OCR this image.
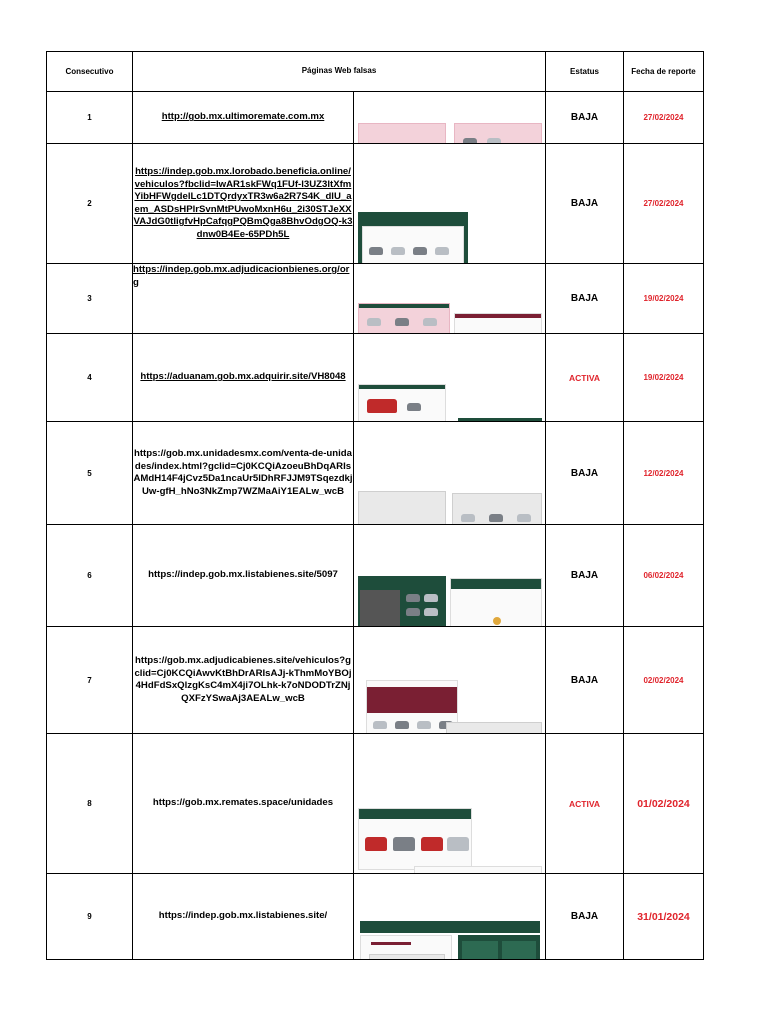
Consecutivo	Páginas Web falsas		Estatus	Fecha de reporte
1	http://gob.mx.ultimoremate.com.mx		BAJA	27/02/2024
2	https://indep.gob.mx.lorobado.beneficia.online/vehiculos?fbclid=IwAR1skFWq1FUf-l3UZ3ltXfmYibHFWgdelLc1DTQrdyxTR3w6a2R7S4K_dlU_aem_ASDsHPlrSvnMtPUwoMxnH6u_2i30STJeXXVAJdG0tligfvHpCafqgPQBmQga8BhvOdgOQ-k3dnw0B4Ee-65PDh5L		BAJA	27/02/2024
3	https://indep.gob.mx.adjudicacionbienes.org/org		BAJA	19/02/2024
4	https://aduanam.gob.mx.adquirir.site/VH8048		ACTIVA	19/02/2024
5	https://gob.mx.unidadesmx.com/venta-de-unidades/index.html?gclid=Cj0KCQiAzoeuBhDqARIsAMdH14F4jCvz5Da1ncaUr5lDhRFJJM9TSqezdkjUw-gfH_hNo3NkZmp7WZMaAiY1EALw_wcB		BAJA	12/02/2024
6	https://indep.gob.mx.listabienes.site/5097		BAJA	06/02/2024
7	https://gob.mx.adjudicabienes.site/vehiculos?gclid=Cj0KCQiAwvKtBhDrARIsAJj-kThmMoYBOj4HdFdSxQlzgKsC4mX4ji7OLhk-k7oNDODTrZNjQXFzYSwaAj3AEALw_wcB		BAJA	02/02/2024
8	https://gob.mx.remates.space/unidades		ACTIVA	01/02/2024
9	https://indep.gob.mx.listabienes.site/		BAJA	31/01/2024
